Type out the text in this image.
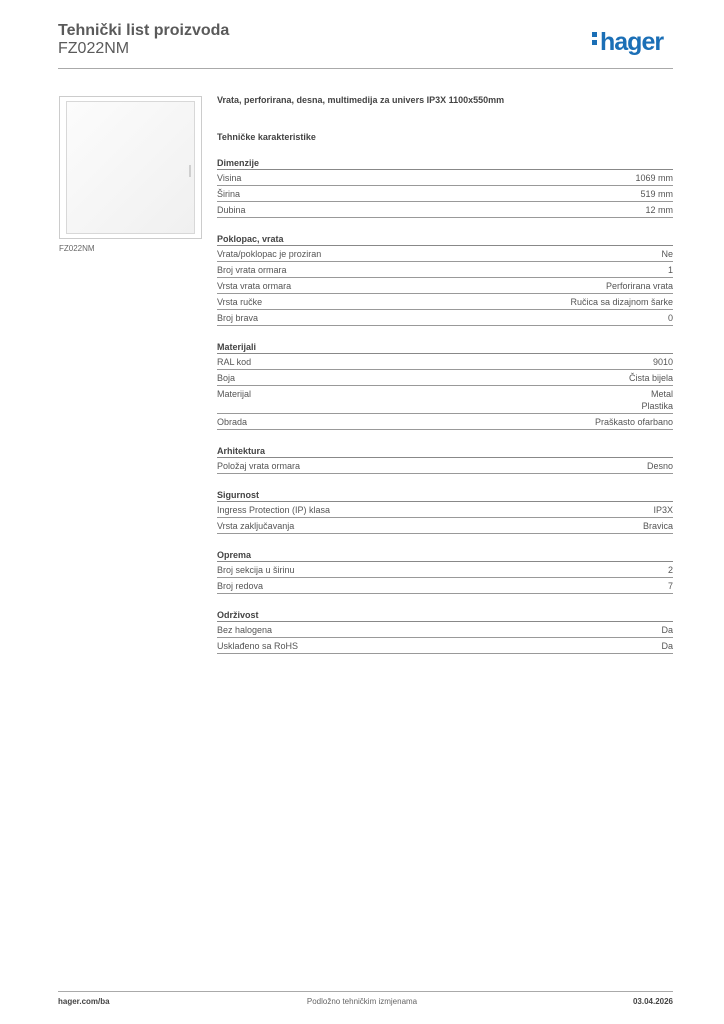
Tehnički list proizvoda
FZ022NM	hager
FZ022NM
Vrata, perforirana, desna, multimedija za univers IP3X 1100x550mm
Tehničke karakteristike
Dimenzije
Visina	1069 mm
Širina	519 mm
Dubina	12 mm
Poklopac, vrata
Vrata/poklopac je proziran	Ne
Broj vrata ormara	1
Vrsta vrata ormara	Perforirana vrata
Vrsta ručke	Ručica sa dizajnom šarke
Broj brava	0
Materijali
RAL kod	9010
Boja	Čista bijela
Materijal	Metal
Plastika
Obrada	Praškasto ofarbano
Arhitektura
Položaj vrata ormara	Desno
Sigurnost
Ingress Protection (IP) klasa	IP3X
Vrsta zaključavanja	Bravica
Oprema
Broj sekcija u širinu	2
Broj redova	7
Održivost
Bez halogena	Da
Usklađeno sa RoHS	Da
hager.com/ba	Podložno tehničkim izmjenama	03.04.2026
